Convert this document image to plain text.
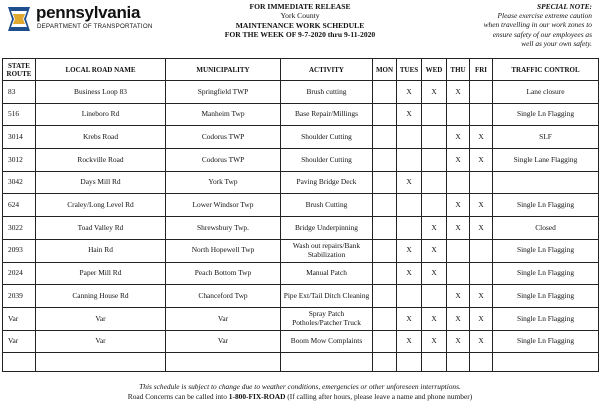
pennsylvania
DEPARTMENT OF TRANSPORTATION
FOR IMMEDIATE RELEASE
York County
MAINTENANCE WORK SCHEDULE
FOR THE WEEK OF 9-7-2020 thru 9-11-2020
SPECIAL NOTE:
Please exercise extreme caution
when travelling in our work zones to
ensure safety of our employees as
well as your own safety.
STATE ROUTE	LOCAL ROAD NAME	MUNICIPALITY	ACTIVITY	MON	TUES	WED	THU	FRI	TRAFFIC CONTROL
83	Business Loop 83	Springfield TWP	Brush cutting		X	X	X		Lane closure
516	Lineboro Rd	Manheim Twp	Base Repair/Millings		X				Single Ln Flagging
3014	Krebs Road	Codorus TWP	Shoulder Cutting				X	X	SLF
3012	Rockville Road	Codorus TWP	Shoulder Cutting				X	X	Single Lane Flagging
3042	Days Mill Rd	York Twp	Paving Bridge Deck		X				
624	Craley/Long Level Rd	Lower Windsor Twp	Brush Cutting				X	X	Single Ln Flagging
3022	Toad Valley Rd	Shrewsbury Twp.	Bridge Underpinning			X	X	X	Closed
2093	Hain Rd	North Hopewell Twp	Wash out repairs/Bank Stabilization		X	X			Single Ln Flagging
2024	Paper Mill Rd	Peach Bottom Twp	Manual Patch		X	X			Single Ln Flagging
2039	Canning House Rd	Chanceford Twp	Pipe Ext/Tail Ditch Cleaning				X	X	Single Ln Flagging
Var	Var	Var	Spray Patch Potholes/Patcher Truck		X	X	X	X	Single Ln Flagging
Var	Var	Var	Boom Mow Complaints		X	X	X	X	Single Ln Flagging

This schedule is subject to change due to weather conditions, emergencies or other unforeseen interruptions.
Road Concerns can be called into 1-800-FIX-ROAD (If calling after hours, please leave a name and phone number)
